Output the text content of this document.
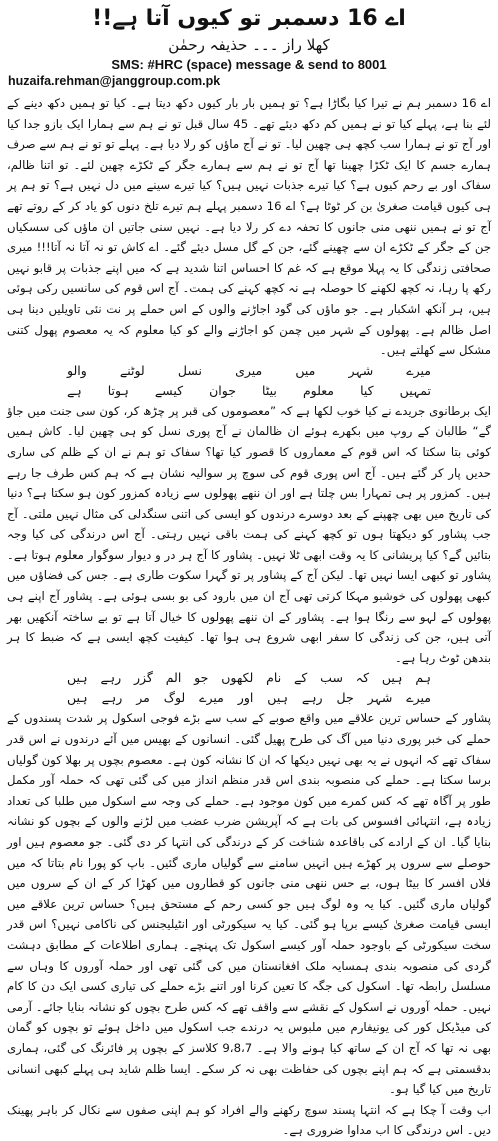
اے 16 دسمبر تو کیوں آتا ہے!!
کھلا راز ۔۔۔ حذیفہ رحمٰن
SMS: #HRC (space) message & send to 8001
huzaifa.rehman@janggroup.com.pk

اے 16 دسمبر ہم نے تیرا کیا بگاڑا ہے؟ تو ہمیں بار بار کیوں دکھ دیتا ہے۔ کیا تو ہمیں دکھ دینے کے لئے بنا ہے، پہلے کیا تو نے ہمیں کم دکھ دیئے تھے۔ 45 سال قبل تو نے ہم سے ہمارا ایک بازو جدا کیا اور آج تو نے ہمارا سب کچھ ہی چھین لیا۔ تو نے آج ماؤں کو رلا دیا ہے۔ پہلے تو تو نے ہم سے صرف ہمارے جسم کا ایک ٹکڑا چھینا تھا آج تو نے ہم سے ہمارے جگر کے ٹکڑے چھین لئے۔ تو اتنا ظالم، سفاک اور بے رحم کیوں ہے؟ کیا تیرے جذبات نہیں ہیں؟ کیا تیرے سینے میں دل نہیں ہے؟ تو ہم پر ہی کیوں قیامت صغریٰ بن کر ٹوٹا ہے؟ اے 16 دسمبر پہلے ہم تیرے تلخ دنوں کو یاد کر کے روتے تھے آج تو نے ہمیں ننھی منی جانوں کا تحفہ دے کر رلا دیا ہے۔ نہیں سنی جاتیں ان ماؤں کی سسکیاں جن کے جگر کے ٹکڑے ان سے چھینے گئے، جن کے گل مسل دیئے گئے۔ اے کاش تو نہ آتا نہ آتا!!! میری صحافتی زندگی کا یہ پہلا موقع ہے کہ غم کا احساس اتنا شدید ہے کہ میں اپنے جذبات پر قابو نہیں رکھ پا رہا، نہ کچھ لکھنے کا حوصلہ ہے نہ کچھ کہنے کی ہمت۔ آج اس قوم کی سانسیں رکی ہوئی ہیں، ہر آنکھ اشکبار ہے۔ جو ماؤں کی گود اجاڑنے والوں کے اس حملے پر نت نئی تاویلیں دینا ہی اصل ظالم ہے۔ پھولوں کے شہر میں چمن کو اجاڑنے والے کو کیا معلوم کہ یہ معصوم پھول کتنی مشکل سے کھلتے ہیں۔

میرے شہر میں میری نسل لوٹنے والو
تمہیں کیا معلوم بیٹا جوان کیسے ہوتا ہے

ایک برطانوی جریدے نے کیا خوب لکھا ہے کہ ”معصوموں کی قبر پر چڑھ کر، کون سی جنت میں جاؤ گے“ طالبان کے روپ میں بکھرے ہوئے ان ظالمان نے آج پوری نسل کو ہی چھین لیا۔ کاش ہمیں کوئی بتا سکتا کہ اس قوم کے معماروں کا قصور کیا تھا؟ سفاک تو ہم نے ان کے ظلم کی ساری حدیں پار کر گئے ہیں۔ آج اس پوری قوم کی سوچ پر سوالیہ نشان ہے کہ ہم کس طرف جا رہے ہیں۔ کمزور پر ہی تمہارا بس چلتا ہے اور ان ننھے پھولوں سے زیادہ کمزور کون ہو سکتا ہے؟ دنیا کی تاریخ میں بھی چھپنے کے بعد دوسرے درندوں کو ایسی کی اتنی سنگدلی کی مثال نہیں ملتی۔ آج جب پشاور کو دیکھتا ہوں تو کچھ کہنے کی ہمت باقی نہیں رہتی۔ آج اس درندگی کی کیا وجہ بتائیں گے؟ کیا پریشانی کا یہ وقت ابھی ٹلا نہیں۔ پشاور کا آج ہر در و دیوار سوگوار معلوم ہوتا ہے۔ پشاور تو کبھی ایسا نہیں تھا۔ لیکن آج کے پشاور پر تو گہرا سکوت طاری ہے۔ جس کی فضاؤں میں کبھی پھولوں کی خوشبو مہکا کرتی تھی آج ان میں بارود کی بو بسی ہوئی ہے۔ پشاور آج اپنے ہی پھولوں کے لہو سے رنگا ہوا ہے۔ پشاور کے ان ننھے پھولوں کا خیال آتا ہے تو بے ساختہ آنکھیں بھر آتی ہیں، جن کی زندگی کا سفر ابھی شروع ہی ہوا تھا۔ کیفیت کچھ ایسی ہے کہ ضبط کا ہر بندھن ٹوٹ رہا ہے۔

ہم ہیں کہ سب کے نام لکھوں جو الم گزر رہے ہیں
میرے شہر جل رہے ہیں اور میرے لوگ مر رہے ہیں

پشاور کے حساس ترین علاقے میں واقع صوبے کے سب سے بڑے فوجی اسکول پر شدت پسندوں کے حملے کی خبر پوری دنیا میں آگ کی طرح پھیل گئی۔ انسانوں کے بھیس میں آئے درندوں نے اس قدر سفاک تھے کہ انہوں نے یہ بھی نہیں دیکھا کہ ان کا نشانہ کون ہے۔ معصوم بچوں پر بھلا کون گولیاں برسا سکتا ہے۔ حملے کی منصوبہ بندی اس قدر منظم انداز میں کی گئی تھی کہ حملہ آور مکمل طور پر آگاہ تھے کہ کس کمرے میں کون موجود ہے۔ حملے کی وجہ سے اسکول میں طلبا کی تعداد زیادہ ہے، انتہائی افسوس کی بات ہے کہ آپریشن ضرب عضب میں لڑنے والوں کے بچوں کو نشانہ بنایا گیا۔ ان کے ارادے کی باقاعدہ شناخت کر کے درندگی کی انتہا کر دی گئی۔ جو معصوم ہیں اور حوصلے سے سروں پر کھڑے ہیں انہیں سامنے سے گولیاں ماری گئیں۔ باپ کو پورا نام بتاتا کہ میں فلاں افسر کا بیٹا ہوں، بے حس ننھی منی جانوں کو قطاروں میں کھڑا کر کے ان کے سروں میں گولیاں ماری گئیں۔ کیا یہ وہ لوگ ہیں جو کسی رحم کے مستحق ہیں؟ حساس ترین علاقے میں ایسی قیامت صغریٰ کیسے برپا ہو گئی۔ کیا یہ سیکورٹی اور انٹیلیجنس کی ناکامی نہیں؟ اس قدر سخت سیکورٹی کے باوجود حملہ آور کیسے اسکول تک پہنچے۔ ہماری اطلاعات کے مطابق دہشت گردی کی منصوبہ بندی ہمسایہ ملک افغانستان میں کی گئی تھی اور حملہ آوروں کا وہاں سے مسلسل رابطہ تھا۔ اسکول کی جگہ کا تعین کرنا اور اتنے بڑے حملے کی تیاری کسی ایک دن کا کام نہیں۔ حملہ آوروں نے اسکول کے نقشے سے واقف تھے کہ کس طرح بچوں کو نشانہ بنایا جائے۔ آرمی کی میڈیکل کور کی یونیفارم میں ملبوس یہ درندے جب اسکول میں داخل ہوئے تو بچوں کو گمان بھی نہ تھا کہ آج ان کے ساتھ کیا ہونے والا ہے۔ 9،8،7 کلاسز کے بچوں پر فائرنگ کی گئی، ہماری بدقسمتی ہے کہ ہم اپنے بچوں کی حفاظت بھی نہ کر سکے۔ ایسا ظلم شاید ہی پہلے کبھی انسانی تاریخ میں کیا گیا ہو۔

اب وقت آ چکا ہے کہ انتہا پسند سوچ رکھنے والے افراد کو ہم اپنی صفوں سے نکال کر باہر پھینک دیں۔ اس درندگی کا اب مداوا ضروری ہے۔
